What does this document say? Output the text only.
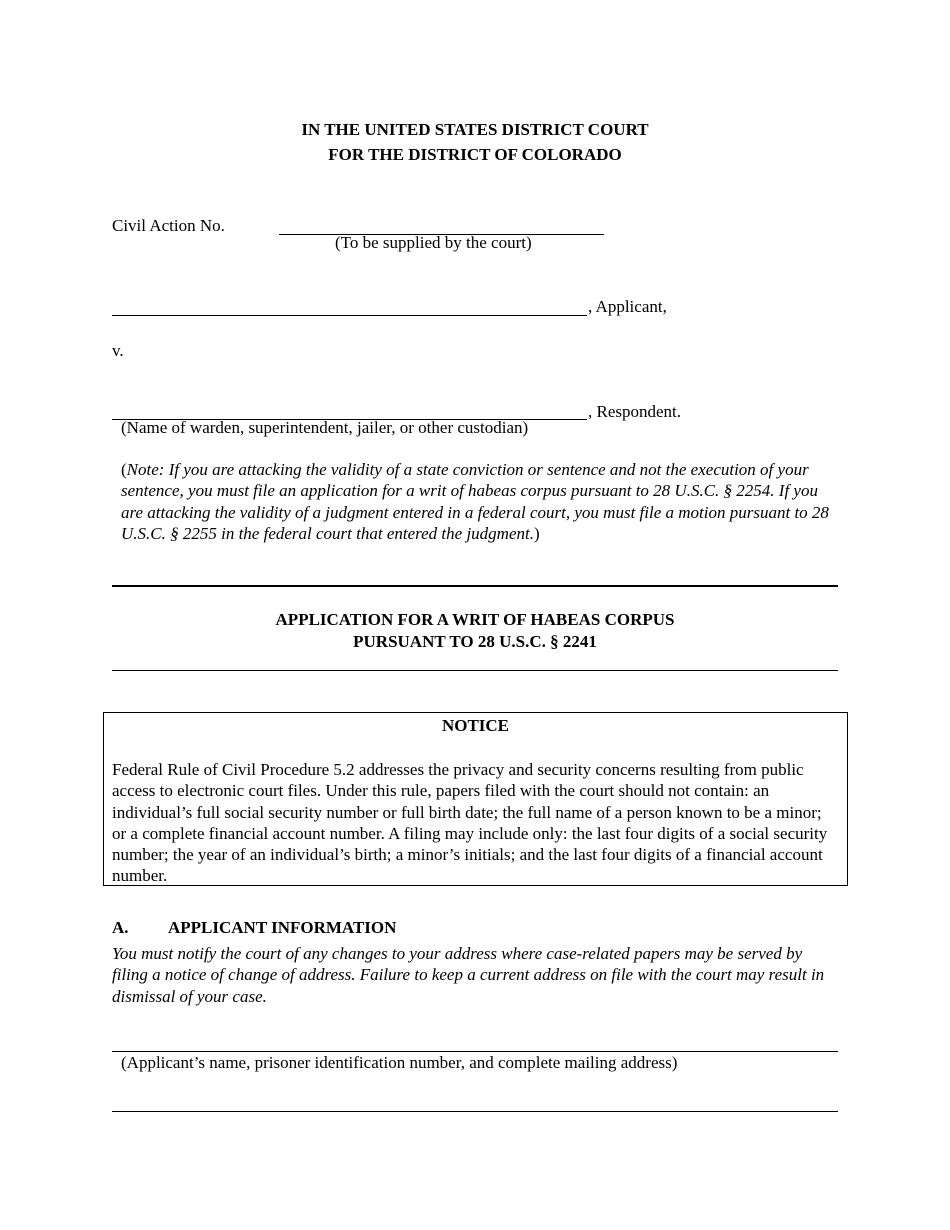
IN THE UNITED STATES DISTRICT COURT
FOR THE DISTRICT OF COLORADO
Civil Action No.
(To be supplied by the court)
, Applicant,
v.
, Respondent.
(Name of warden, superintendent, jailer, or other custodian)
(Note: If you are attacking the validity of a state conviction or sentence and not the execution of your sentence, you must file an application for a writ of habeas corpus pursuant to 28 U.S.C. § 2254. If you are attacking the validity of a judgment entered in a federal court, you must file a motion pursuant to 28 U.S.C. § 2255 in the federal court that entered the judgment.)
APPLICATION FOR A WRIT OF HABEAS CORPUS
PURSUANT TO 28 U.S.C. § 2241
NOTICE
Federal Rule of Civil Procedure 5.2 addresses the privacy and security concerns resulting from public access to electronic court files. Under this rule, papers filed with the court should not contain: an individual’s full social security number or full birth date; the full name of a person known to be a minor; or a complete financial account number. A filing may include only: the last four digits of a social security number; the year of an individual’s birth; a minor’s initials; and the last four digits of a financial account number.
A. APPLICANT INFORMATION
You must notify the court of any changes to your address where case-related papers may be served by filing a notice of change of address. Failure to keep a current address on file with the court may result in dismissal of your case.
(Applicant’s name, prisoner identification number, and complete mailing address)
